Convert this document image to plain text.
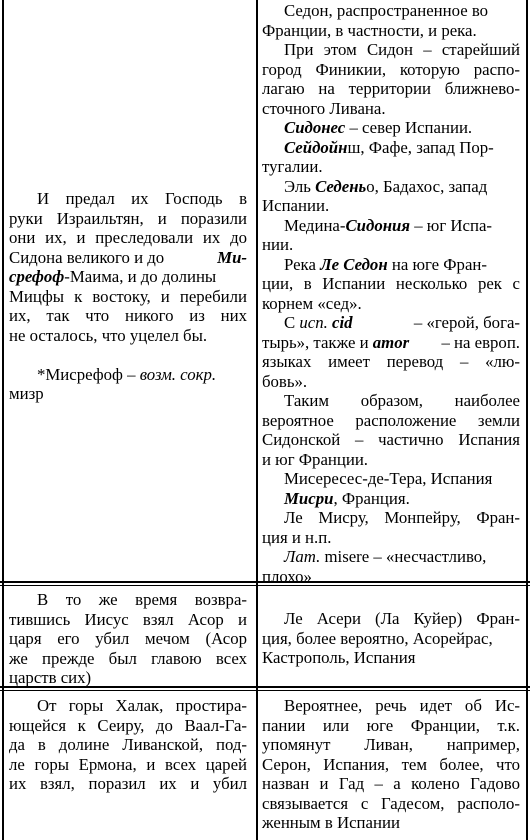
И предал их Господь в
руки Израильтян, и поразили
они их, и преследовали их до
Сидона великого и до	Ми-
срефоф-Маима, и до долины
Мицфы к востоку, и перебили
их, так что никого из них
не осталось, что уцелел бы.
*Мисрефоф – возм. сокр.
мизр
Седон, распространенное во
Франции, в частности, и река.
При этом Сидон – старейший
город Финикии, которую распо-
лагаю на территории ближнево-
сточного Ливана.
Сидонес – север Испании.
Сейдойнш, Фафе, запад Пор-
тугалии.
Эль Седеньо, Бадахос, запад
Испании.
Медина-Сидония – юг Испа-
нии.
Река Ле Седон на юге Фран-
ции, в Испании несколько рек с
корнем «сед».
С исп. cid	– «герой, бога-
тырь», также и amor – на европ.
языках имеет перевод – «лю-
бовь».
Таким образом, наиболее
вероятное расположение земли
Сидонской – частично Испания
и юг Франции.
Мисересес-де-Тера, Испания
Мисри, Франция.
Ле Мисру, Монпейру, Фран-
ция и н.п.
Лат. misere – «несчастливо,
плохо»
В то же время возвра-
тившись Иисус взял Асор и
царя его убил мечом (Асор
же прежде был главою всех
царств сих)
Ле Асери (Ла Куйер) Фран-
ция, более вероятно, Асорейрас,
Кастрополь, Испания
От горы Халак, простира-
ющейся к Сеиру, до Ваал-Га-
да в долине Ливанской, под-
ле горы Ермона, и всех царей
их взял, поразил их и убил
Вероятнее, речь идет об Ис-
пании или юге Франции, т.к.
упомянут Ливан, например,
Серон, Испания, тем более, что
назван и Гад – а колено Гадово
связывается с Гадесом, располо-
женным в Испании
